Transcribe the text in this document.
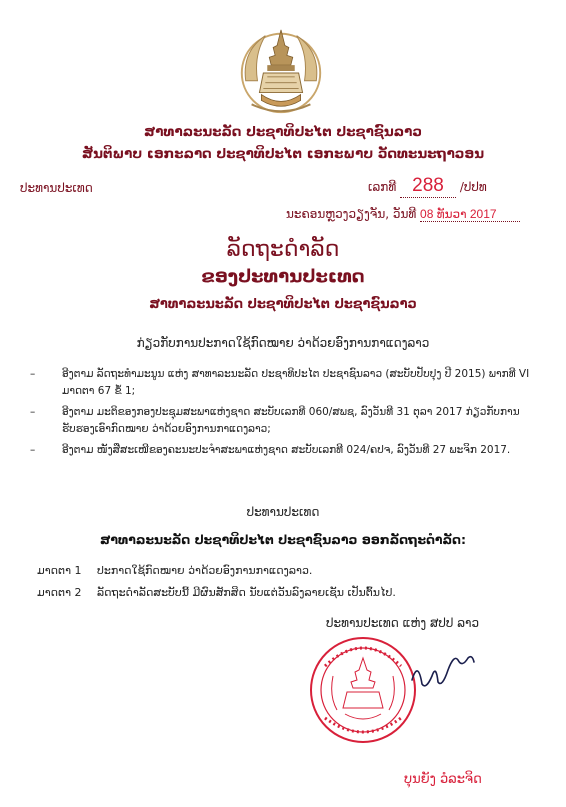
ສາທາລະນະລັດ ປະຊາທິປະໄຕ ປະຊາຊົນລາວ
ສັນຕິພາບ ເອກະລາດ ປະຊາທິປະໄຕ ເອກະພາບ ວັດທະນະຖາວອນ
ປະທານປະເທດ	ເລກທີ 288 /ປປທ
ນະຄອນຫຼວງວຽງຈັນ, ວັນທີ 08 ທັນວາ 2017
ລັດຖະດຳລັດ
ຂອງປະທານປະເທດ
ສາທາລະນະລັດ ປະຊາທິປະໄຕ ປະຊາຊົນລາວ
ກ່ຽວກັບການປະກາດໃຊ້ກົດໝາຍ ວ່າດ້ວຍອົງການກາແດງລາວ
–	ອີງຕາມ ລັດຖະທຳມະນູນ ແຫ່ງ ສາທາລະນະລັດ ປະຊາທິປະໄຕ ປະຊາຊົນລາວ (ສະບັບປັບປຸງ ປີ 2015) ພາກທີ VI ມາດຕາ 67 ຂໍ້ 1;
–	ອີງຕາມ ມະຕິຂອງກອງປະຊຸມສະພາແຫ່ງຊາດ ສະບັບເລກທີ 060/ສພຊ, ລົງວັນທີ 31 ຕຸລາ 2017 ກ່ຽວກັບການຮັບຮອງເອົາກົດໝາຍ ວ່າດ້ວຍອົງການກາແດງລາວ;
–	ອີງຕາມ ໜັງສືສະເໜີຂອງຄະນະປະຈຳສະພາແຫ່ງຊາດ ສະບັບເລກທີ 024/ຄປຈ, ລົງວັນທີ 27 ພະຈິກ 2017.
ປະທານປະເທດ
ສາທາລະນະລັດ ປະຊາທິປະໄຕ ປະຊາຊົນລາວ ອອກລັດຖະດຳລັດ:
ມາດຕາ 1 ປະກາດໃຊ້ກົດໝາຍ ວ່າດ້ວຍອົງການກາແດງລາວ.
ມາດຕາ 2 ລັດຖະດຳລັດສະບັບນີ້ ມີຜົນສັກສິດ ນັບແຕ່ວັນລົງລາຍເຊັນ ເປັນຕົ້ນໄປ.
ປະທານປະເທດ ແຫ່ງ ສປປ ລາວ
ບຸນຍັງ ວໍລະຈິດ
